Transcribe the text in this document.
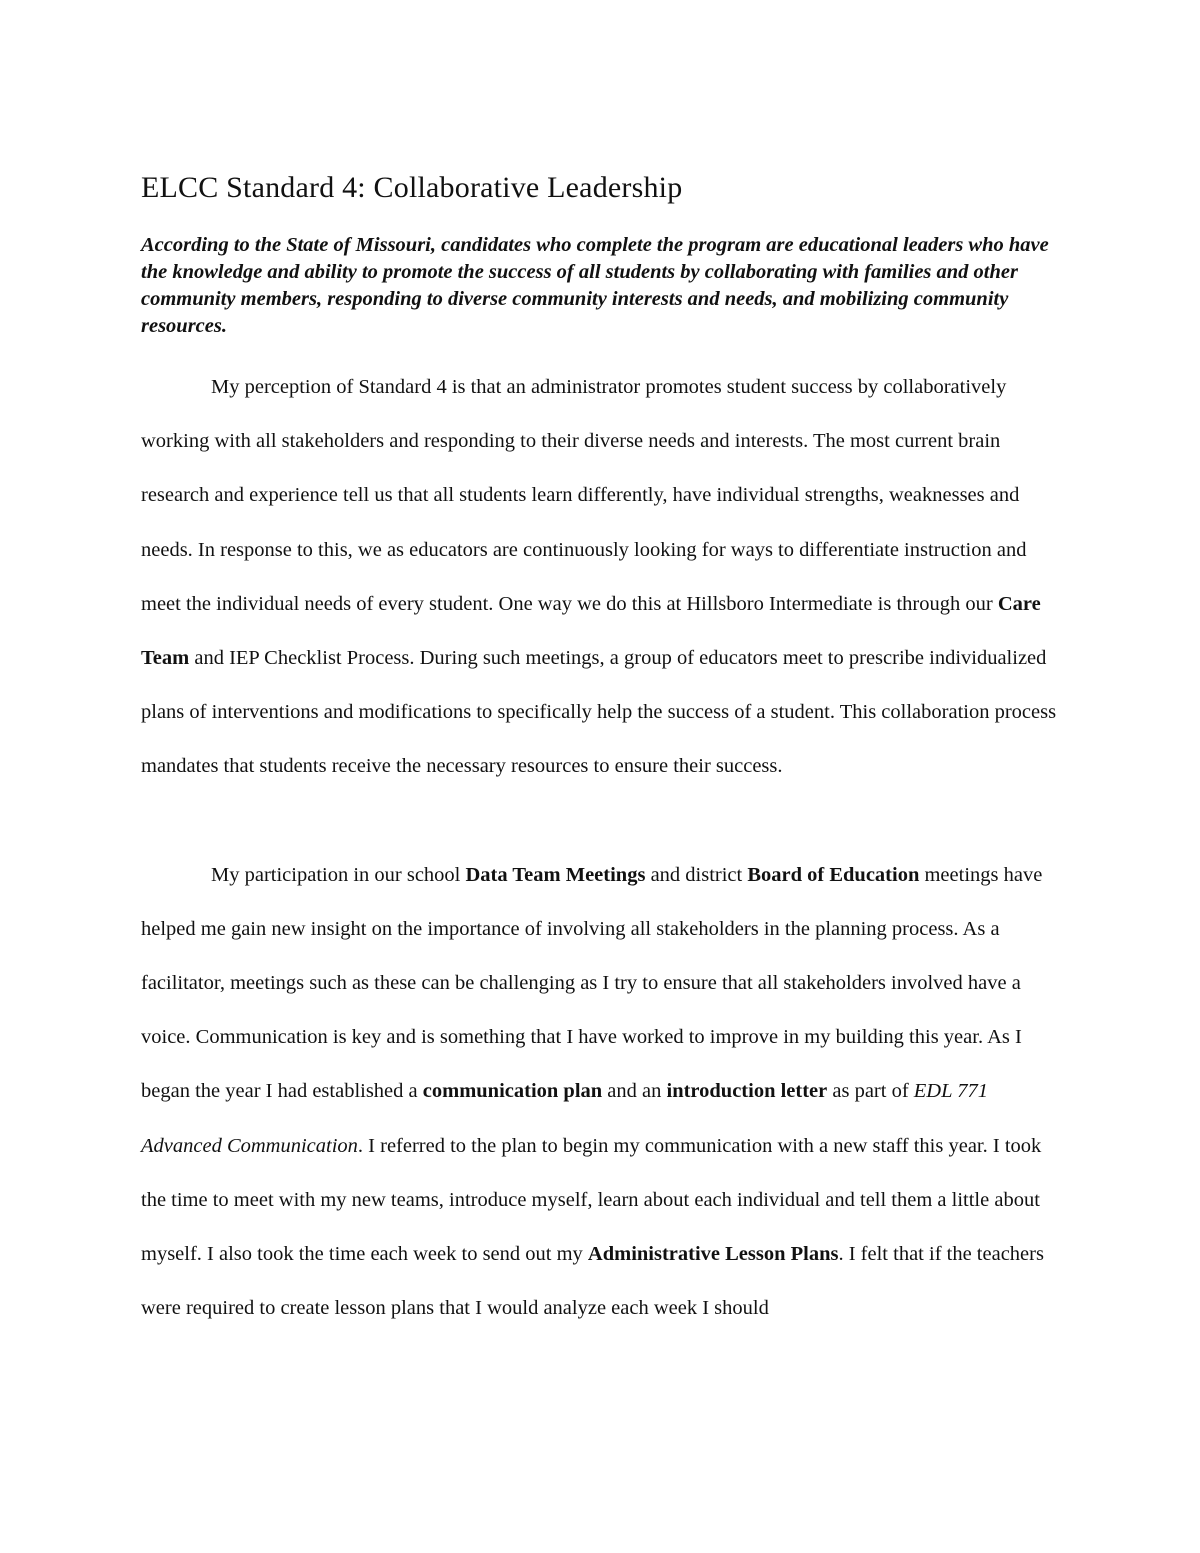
ELCC Standard 4: Collaborative Leadership

According to the State of Missouri, candidates who complete the program are educational leaders who have the knowledge and ability to promote the success of all students by collaborating with families and other community members, responding to diverse community interests and needs, and mobilizing community resources.

My perception of Standard 4 is that an administrator promotes student success by collaboratively working with all stakeholders and responding to their diverse needs and interests. The most current brain research and experience tell us that all students learn differently, have individual strengths, weaknesses and needs. In response to this, we as educators are continuously looking for ways to differentiate instruction and meet the individual needs of every student. One way we do this at Hillsboro Intermediate is through our Care Team and IEP Checklist Process. During such meetings, a group of educators meet to prescribe individualized plans of interventions and modifications to specifically help the success of a student. This collaboration process mandates that students receive the necessary resources to ensure their success.

My participation in our school Data Team Meetings and district Board of Education meetings have helped me gain new insight on the importance of involving all stakeholders in the planning process. As a facilitator, meetings such as these can be challenging as I try to ensure that all stakeholders involved have a voice. Communication is key and is something that I have worked to improve in my building this year. As I began the year I had established a communication plan and an introduction letter as part of EDL 771 Advanced Communication. I referred to the plan to begin my communication with a new staff this year. I took the time to meet with my new teams, introduce myself, learn about each individual and tell them a little about myself. I also took the time each week to send out my Administrative Lesson Plans. I felt that if the teachers were required to create lesson plans that I would analyze each week I should
